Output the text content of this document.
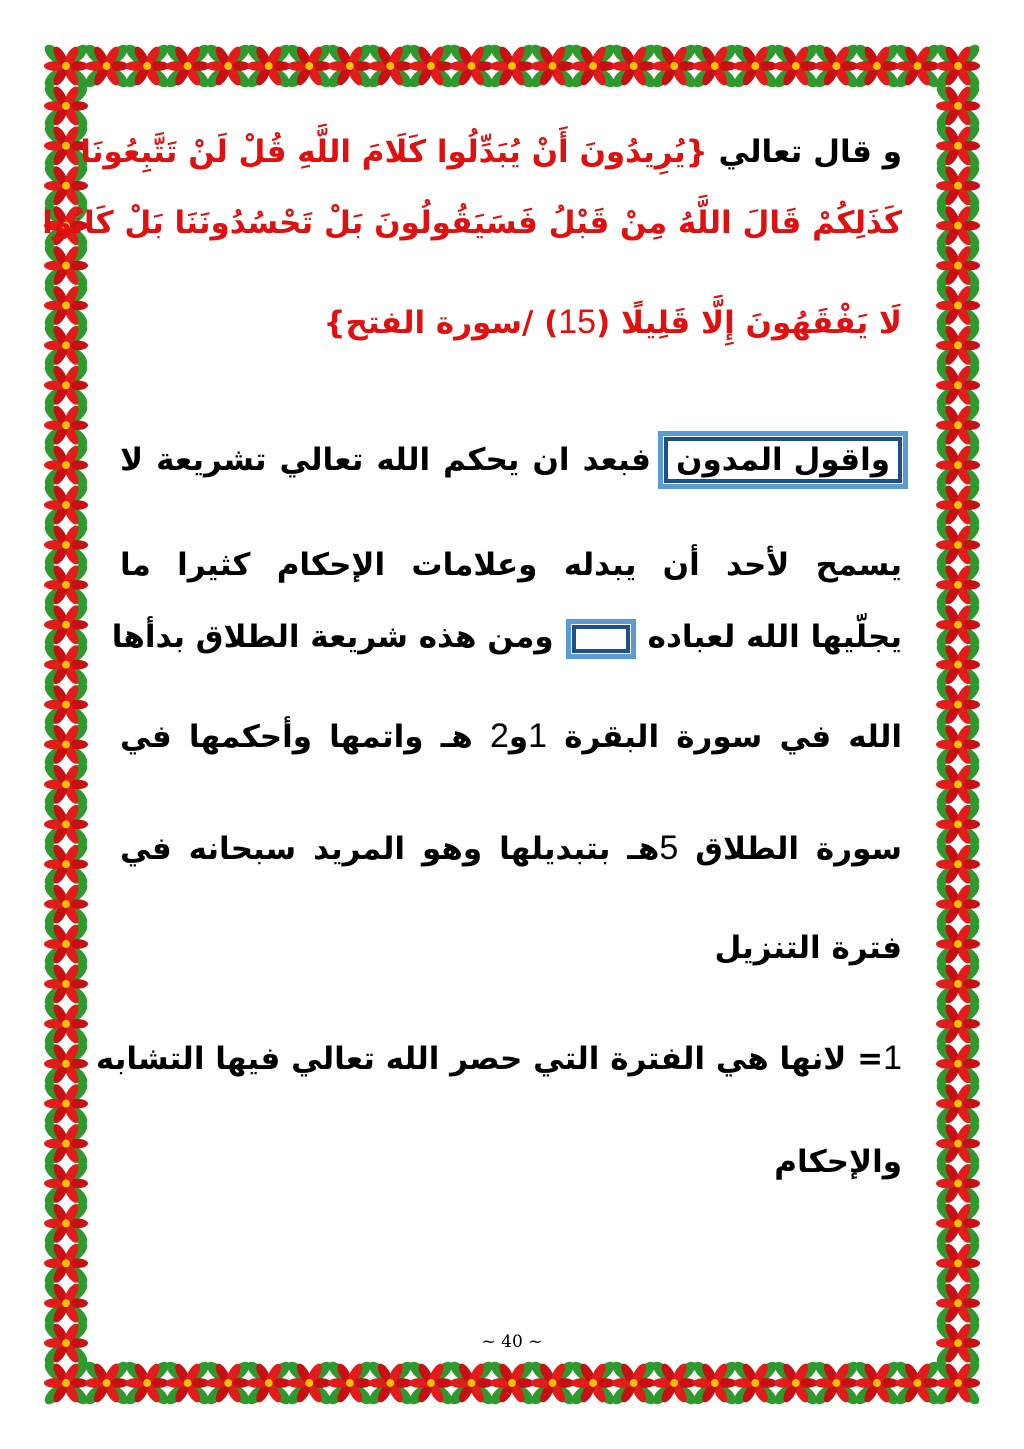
و قال تعالي {يُرِيدُونَ أَنْ يُبَدِّلُوا كَلَامَ اللَّهِ قُلْ لَنْ تَتَّبِعُونَا
كَذَلِكُمْ قَالَ اللَّهُ مِنْ قَبْلُ فَسَيَقُولُونَ بَلْ تَحْسُدُونَنَا بَلْ كَانُوا
لَا يَفْقَهُونَ إِلَّا قَلِيلًا (15) /سورة الفتح}
واقول المدون فبعد ان يحكم الله تعالي تشريعة لا
يسمح لأحد أن يبدله وعلامات الإحكام كثيرا ما
يجلّيها الله لعبادهومن هذه شريعة الطلاق بدأها
الله في سورة البقرة 1و2 هـ واتمها وأحكمها في
سورة الطلاق 5هـ بتبديلها وهو المريد سبحانه في
فترة التنزيل
1= لانها هي الفترة التي حصر الله تعالي فيها التشابه
والإحكام
~ 40 ~
